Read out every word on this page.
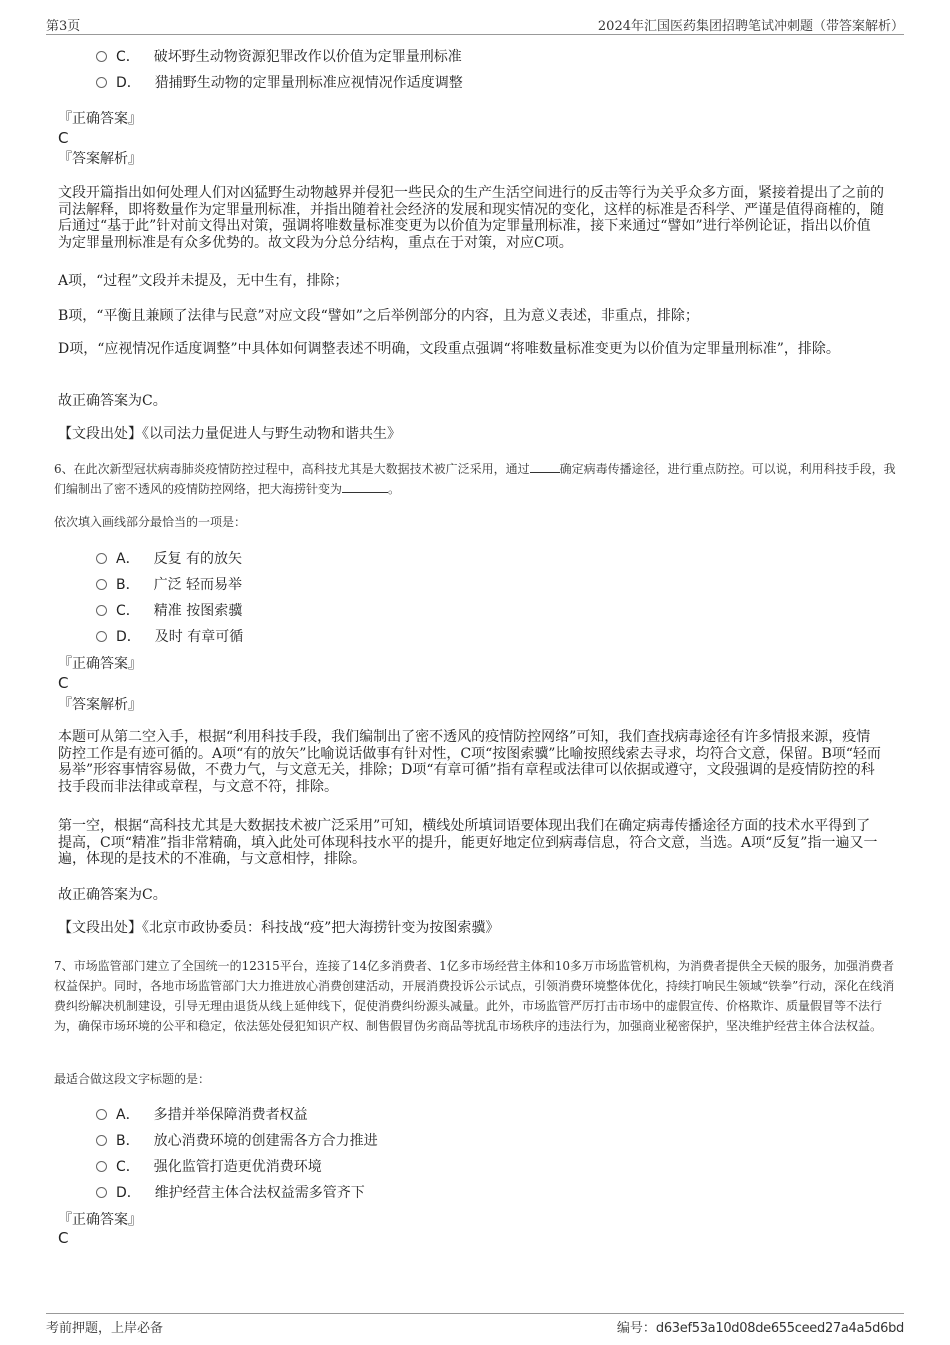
第3页	2024年汇国医药集团招聘笔试冲刺题（带答案解析）
C． 破坏野生动物资源犯罪改作以价值为定罪量刑标准
D． 猎捕野生动物的定罪量刑标准应视情况作适度调整
『正确答案』
C
『答案解析』
文段开篇指出如何处理人们对凶猛野生动物越界并侵犯一些民众的生产生活空间进行的反击等行为关乎众多方面，紧接着提出了之前的司法解释，即将数量作为定罪量刑标准，并指出随着社会经济的发展和现实情况的变化，这样的标准是否科学、严谨是值得商榷的，随后通过“基于此”针对前文得出对策，强调将唯数量标准变更为以价值为定罪量刑标准，接下来通过“譬如”进行举例论证，指出以价值为定罪量刑标准是有众多优势的。故文段为分总分结构，重点在于对策，对应C项。
A项，“过程”文段并未提及，无中生有，排除；
B项，“平衡且兼顾了法律与民意”对应文段“譬如”之后举例部分的内容，且为意义表述，非重点，排除；
D项，“应视情况作适度调整”中具体如何调整表述不明确，文段重点强调“将唯数量标准变更为以价值为定罪量刑标准”，排除。
故正确答案为C。
【文段出处】《以司法力量促进人与野生动物和谐共生》
6、在此次新型冠状病毒肺炎疫情防控过程中，高科技尤其是大数据技术被广泛采用，通过	确定病毒传播途径，进行重点防控。可以说，利用科技手段，我们编制出了密不透风的疫情防控网络，把大海捞针变为	。
依次填入画线部分最恰当的一项是：
A． 反复 有的放矢
B． 广泛 轻而易举
C． 精准 按图索骥
D． 及时 有章可循
『正确答案』
C
『答案解析』
本题可从第二空入手，根据“利用科技手段，我们编制出了密不透风的疫情防控网络”可知，我们查找病毒途径有许多情报来源，疫情防控工作是有迹可循的。A项“有的放矢”比喻说话做事有针对性，C项“按图索骥”比喻按照线索去寻求，均符合文意，保留。B项“轻而易举”形容事情容易做，不费力气，与文意无关，排除；D项“有章可循”指有章程或法律可以依据或遵守，文段强调的是疫情防控的科技手段而非法律或章程，与文意不符，排除。
第一空，根据“高科技尤其是大数据技术被广泛采用”可知，横线处所填词语要体现出我们在确定病毒传播途径方面的技术水平得到了提高，C项“精准”指非常精确，填入此处可体现科技水平的提升，能更好地定位到病毒信息，符合文意，当选。A项“反复”指一遍又一遍，体现的是技术的不准确，与文意相悖，排除。
故正确答案为C。
【文段出处】《北京市政协委员：科技战“疫”把大海捞针变为按图索骥》
7、市场监管部门建立了全国统一的12315平台，连接了14亿多消费者、1亿多市场经营主体和10多万市场监管机构，为消费者提供全天候的服务，加强消费者权益保护。同时，各地市场监管部门大力推进放心消费创建活动，开展消费投诉公示试点，引领消费环境整体优化，持续打响民生领域“铁拳”行动，深化在线消费纠纷解决机制建设，引导无理由退货从线上延伸线下，促使消费纠纷源头减量。此外，市场监管严厉打击市场中的虚假宣传、价格欺诈、质量假冒等不法行为，确保市场环境的公平和稳定，依法惩处侵犯知识产权、制售假冒伪劣商品等扰乱市场秩序的违法行为，加强商业秘密保护，坚决维护经营主体合法权益。
最适合做这段文字标题的是：
A． 多措并举保障消费者权益
B． 放心消费环境的创建需各方合力推进
C． 强化监管打造更优消费环境
D． 维护经营主体合法权益需多管齐下
『正确答案』
C
考前押题，上岸必备	编号：d63ef53a10d08de655ceed27a4a5d6bd
